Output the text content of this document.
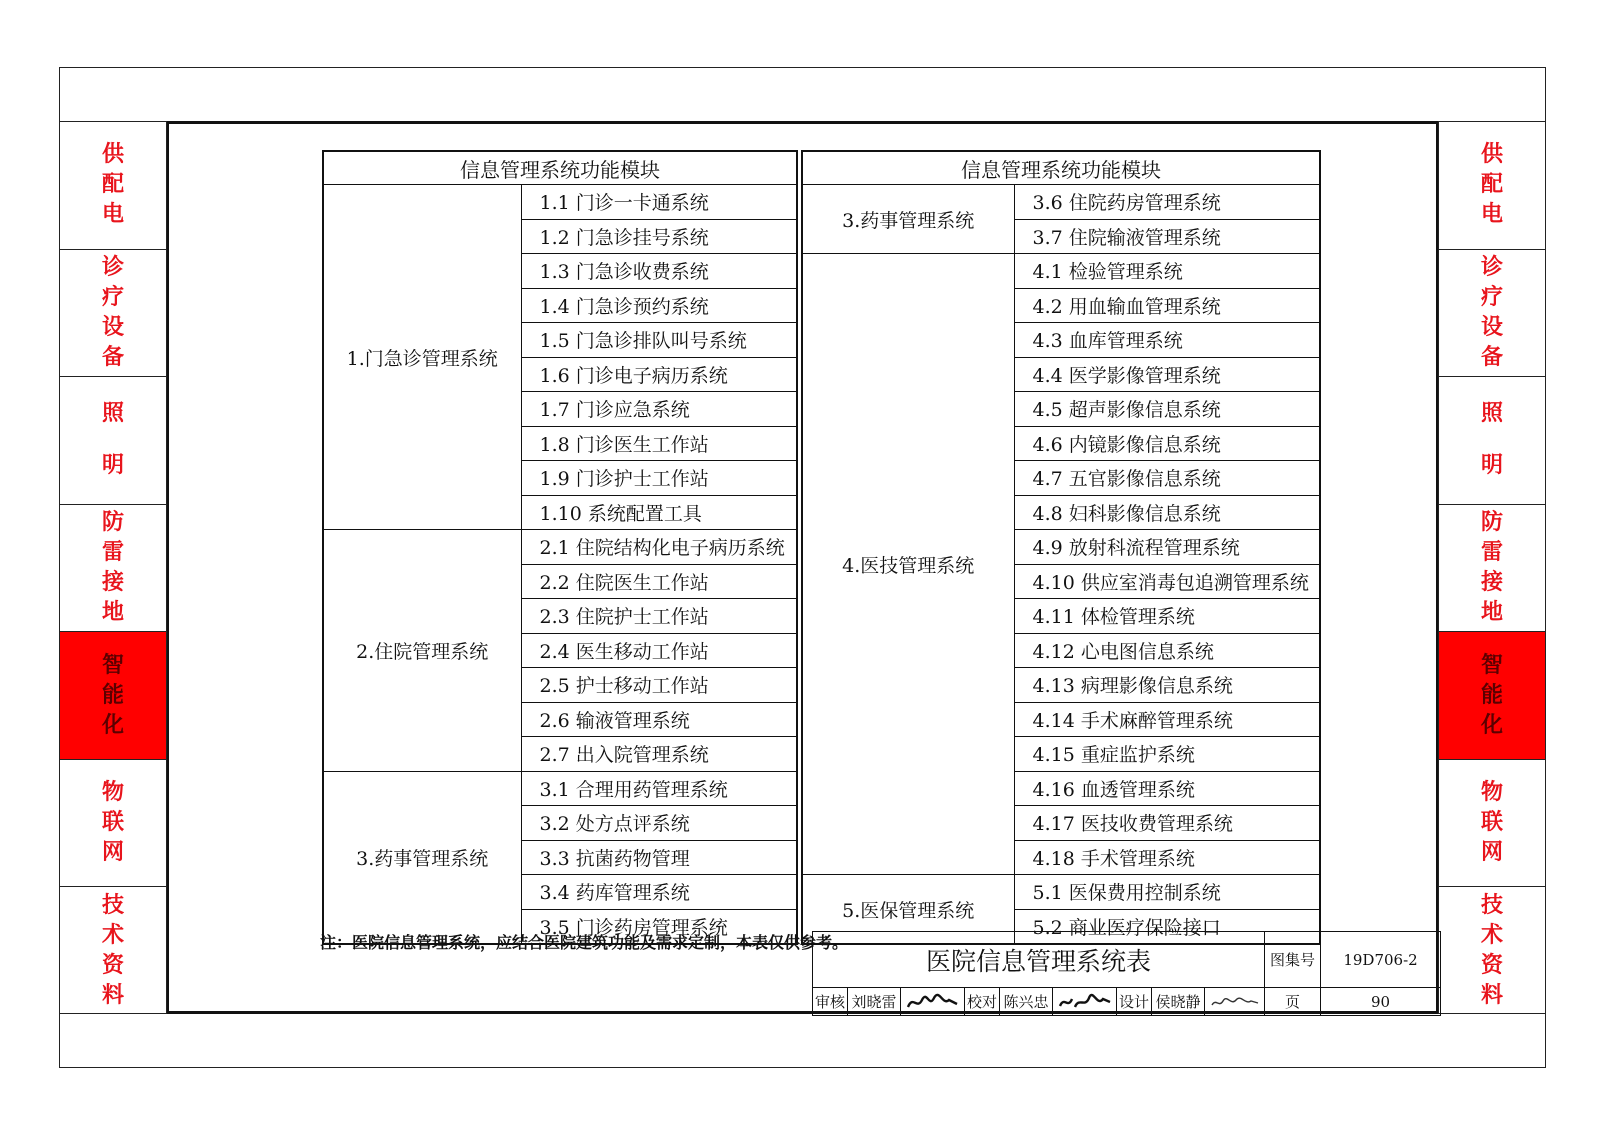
供配电
诊疗设备
照明
防雷接地
智能化
物联网
技术资料
供配电
诊疗设备
照明
防雷接地
智能化
物联网
技术资料
信息管理系统功能模块	
1.门急诊管理系统	1.1 门诊一卡通系统
	1.2 门急诊挂号系统
	1.3 门急诊收费系统
	1.4 门急诊预约系统
	1.5 门急诊排队叫号系统
	1.6 门诊电子病历系统
	1.7 门诊应急系统
	1.8 门诊医生工作站
	1.9 门诊护士工作站
	1.10 系统配置工具
2.住院管理系统	2.1 住院结构化电子病历系统
	2.2 住院医生工作站
	2.3 住院护士工作站
	2.4 医生移动工作站
	2.5 护士移动工作站
	2.6 输液管理系统
	2.7 出入院管理系统
3.药事管理系统	3.1 合理用药管理系统
	3.2 处方点评系统
	3.3 抗菌药物管理
	3.4 药库管理系统
	3.5 门诊药房管理系统
信息管理系统功能模块	
3.药事管理系统	3.6 住院药房管理系统
	3.7 住院输液管理系统
4.医技管理系统	4.1 检验管理系统
	4.2 用血输血管理系统
	4.3 血库管理系统
	4.4 医学影像管理系统
	4.5 超声影像信息系统
	4.6 内镜影像信息系统
	4.7 五官影像信息系统
	4.8 妇科影像信息系统
	4.9 放射科流程管理系统
	4.10 供应室消毒包追溯管理系统
	4.11 体检管理系统
	4.12 心电图信息系统
	4.13 病理影像信息系统
	4.14 手术麻醉管理系统
	4.15 重症监护系统
	4.16 血透管理系统
	4.17 医技收费管理系统
	4.18 手术管理系统
5.医保管理系统	5.1 医保费用控制系统
	5.2 商业医疗保险接口
注：医院信息管理系统，应结合医院建筑功能及需求定制，本表仅供参考。
医院信息管理系统表									图集号	19D706-2
审核	刘晓雷		校对	陈兴忠		设计	侯晓静		页	90
